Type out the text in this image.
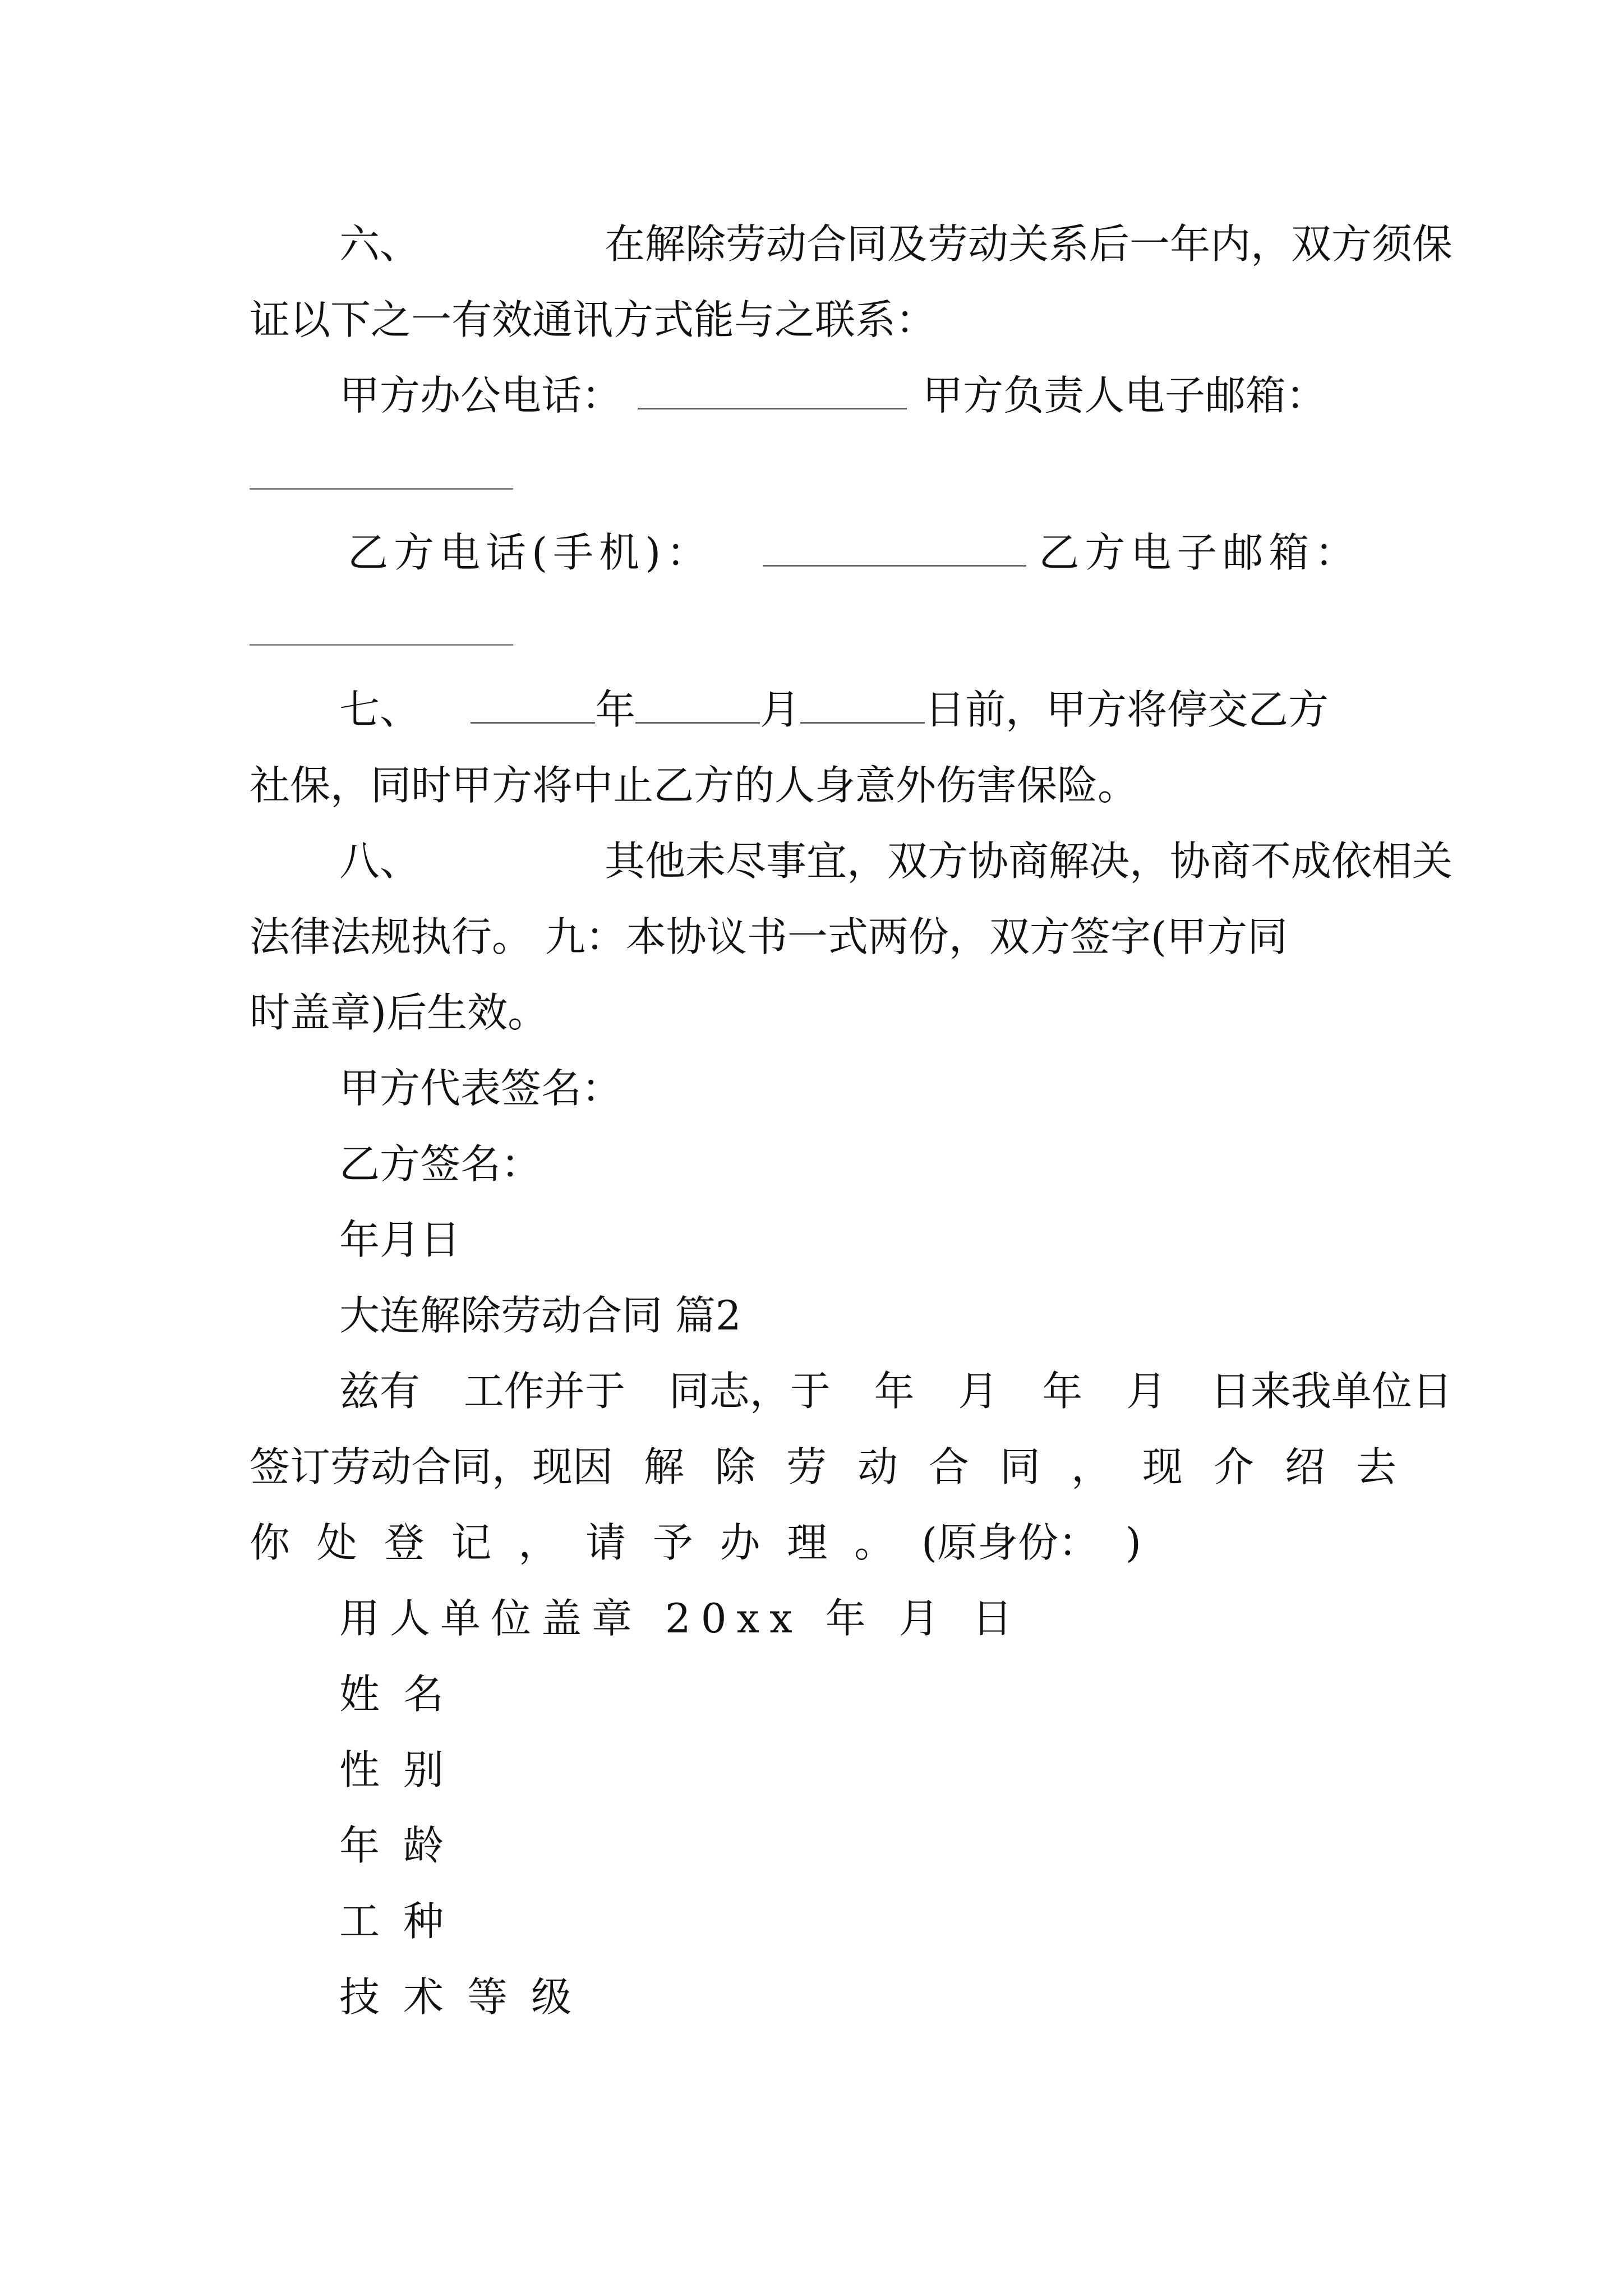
六、	在解除劳动合同及劳动关系后一年内，双方须保
证以下之一有效通讯方式能与之联系：
甲方办公电话：	甲方负责人电子邮箱：
乙方电话(手机)：	乙方电子邮箱：
七、	年	月	日前，甲方将停交乙方
社保，同时甲方将中止乙方的人身意外伤害保险。
八、	其他未尽事宜，双方协商解决，协商不成依相关
法律法规执行。 九：本协议书一式两份，双方签字(甲方同
时盖章)后生效。
甲方代表签名：
乙方签名：
年月日
大连解除劳动合同 篇2
兹有 工作并于 同志，于 年 月 年 月 日来我单位日
签订劳动合同，现因 解 除 劳 动 合 同 ， 现 介 绍 去
你 处 登 记 ， 请 予 办 理 。 (原身份： )
用人单位盖章 20xx 年 月 日
姓名
性别
年龄
工种
技术等级
